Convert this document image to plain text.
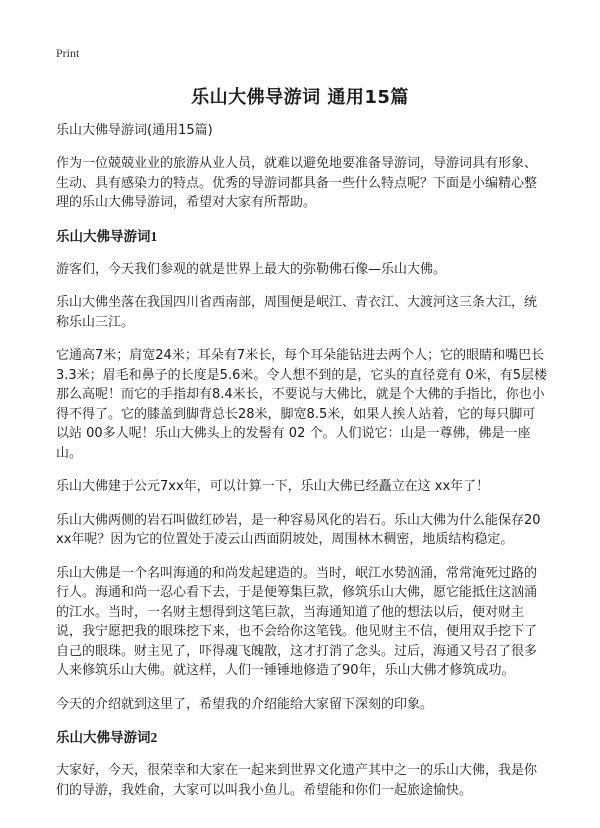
Print
乐山大佛导游词 通用15篇
乐山大佛导游词(通用15篇)
作为一位兢兢业业的旅游从业人员，就难以避免地要准备导游词，导游词具有形象、生动、具有感染力的特点。优秀的导游词都具备一些什么特点呢？下面是小编精心整理的乐山大佛导游词，希望对大家有所帮助。
乐山大佛导游词1
游客们，今天我们参观的就是世界上最大的弥勒佛石像—乐山大佛。
乐山大佛坐落在我国四川省西南部，周围便是岷江、青衣江、大渡河这三条大江，统称乐山三江。
它通高7米；肩宽24米；耳朵有7米长，每个耳朵能钻进去两个人；它的眼睛和嘴巴长3.3米；眉毛和鼻子的长度是5.6米。令人想不到的是，它头的直径竟有 0米，有5层楼那么高呢！而它的手指却有8.4米长，不要说与大佛比，就是个大佛的手指比，你也小得不得了。它的膝盖到脚背总长28米，脚宽8.5米，如果人挨人站着，它的每只脚可以站 00多人呢！乐山大佛头上的发髻有 02 个。人们说它：山是一尊佛，佛是一座山。
乐山大佛建于公元7xx年，可以计算一下，乐山大佛已经矗立在这 xx年了！
乐山大佛两侧的岩石叫做红砂岩，是一种容易风化的岩石。乐山大佛为什么能保存20xx年呢？因为它的位置处于凌云山西面阴坡处，周围林木稠密，地质结构稳定。
乐山大佛是一个名叫海通的和尚发起建造的。当时，岷江水势汹涌，常常淹死过路的行人。海通和尚一忍心看下去，于是便筹集巨款，修筑乐山大佛，愿它能抵住这汹涌的江水。当时，一名财主想得到这笔巨款，当海通知道了他的想法以后，便对财主说，我宁愿把我的眼珠挖下来，也不会给你这笔钱。他见财主不信，便用双手挖下了自己的眼珠。财主见了，吓得魂飞魄散，这才打消了念头。过后，海通又号召了很多人来修筑乐山大佛。就这样，人们一锤锤地修造了90年，乐山大佛才修筑成功。
今天的介绍就到这里了，希望我的介绍能给大家留下深刻的印象。
乐山大佛导游词2
大家好，今天，很荣幸和大家在一起来到世界文化遗产其中之一的乐山大佛，我是你们的导游，我姓俞，大家可以叫我小鱼儿。希望能和你们一起旅途愉快。
